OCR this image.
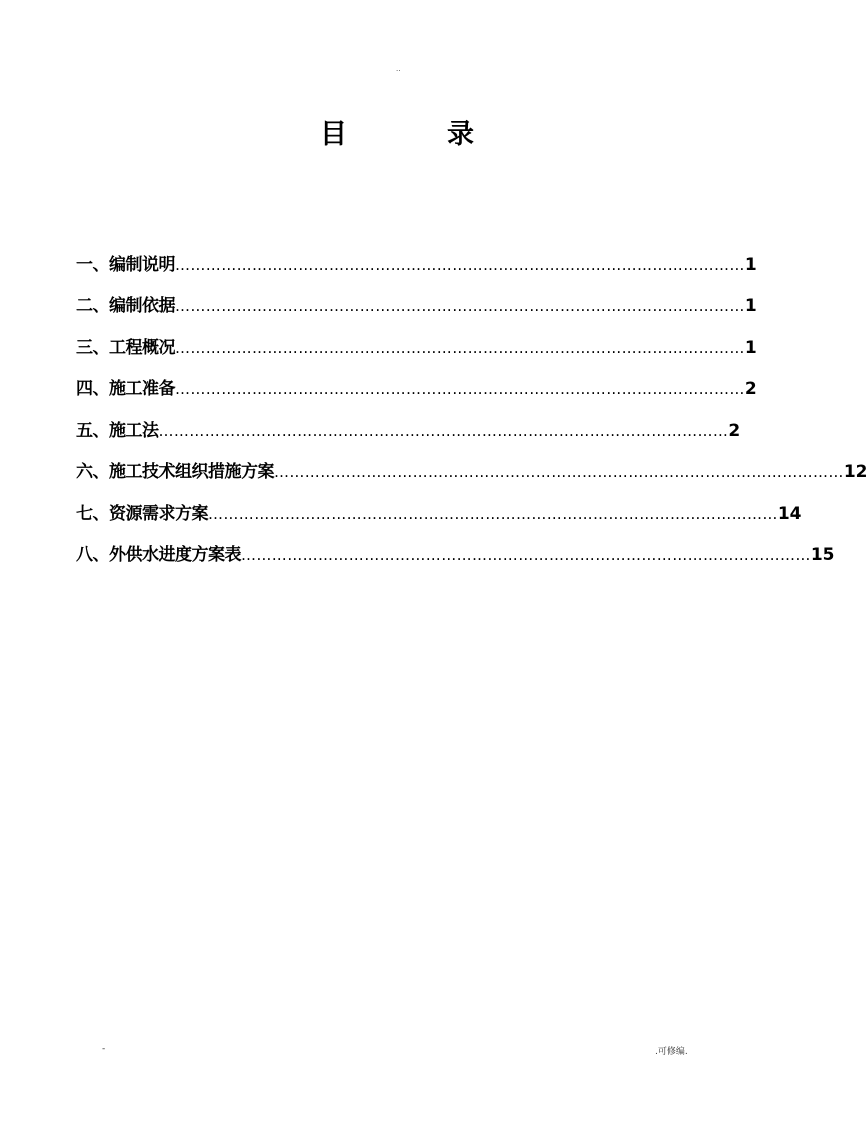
..
目	录
一、编制说明 ………………………………………………………………………………………………… 1
二、编制依据 ………………………………………………………………………………………………… 1
三、工程概况 ………………………………………………………………………………………………… 1
四、施工准备 ………………………………………………………………………………………………… 2
五、施工法 ………………………………………………………………………………………………… 2
六、施工技术组织措施方案 ………………………………………………………………………………………………… 12
七、资源需求方案 ………………………………………………………………………………………………… 14
八、外供水进度方案表 ………………………………………………………………………………………………… 15
-	.可修编.
